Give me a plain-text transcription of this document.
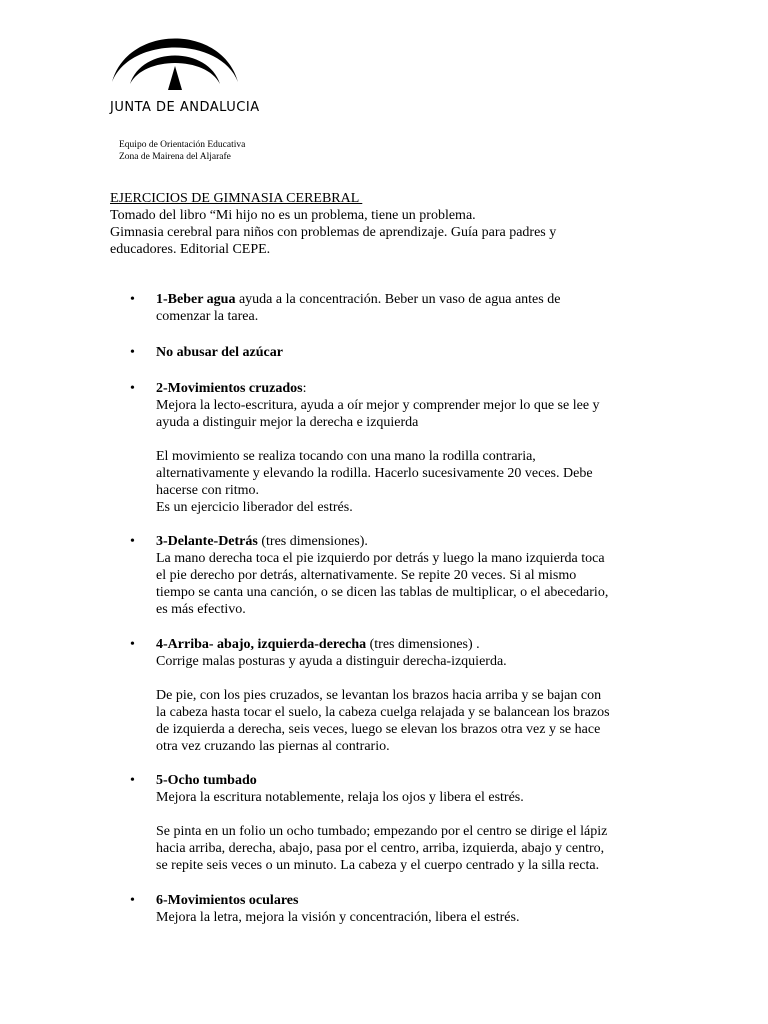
JUNTA DE ANDALUCIA
Equipo de Orientación Educativa
Zona de Mairena del Aljarafe
EJERCICIOS DE GIMNASIA CEREBRAL
Tomado del libro “Mi hijo no es un problema, tiene un problema.
Gimnasia cerebral para niños con problemas de aprendizaje. Guía para padres y
educadores. Editorial CEPE.
• 1-Beber agua ayuda a la concentración. Beber un vaso de agua antes de

comenzar la tarea.

• No abusar del azúcar

• 2-Movimientos cruzados:

Mejora la lecto-escritura, ayuda a oír mejor y comprender mejor lo que se lee y

ayuda a distinguir mejor la derecha e izquierda

El movimiento se realiza tocando con una mano la rodilla contraria,

alternativamente y elevando la rodilla. Hacerlo sucesivamente 20 veces. Debe

hacerse con ritmo.

Es un ejercicio liberador del estrés.

• 3-Delante-Detrás (tres dimensiones).

La mano derecha toca el pie izquierdo por detrás y luego la mano izquierda toca

el pie derecho por detrás, alternativamente. Se repite 20 veces. Si al mismo

tiempo se canta una canción, o se dicen las tablas de multiplicar, o el abecedario,

es más efectivo.

• 4-Arriba- abajo, izquierda-derecha (tres dimensiones) .

Corrige malas posturas y ayuda a distinguir derecha-izquierda.

De pie, con los pies cruzados, se levantan los brazos hacia arriba y se bajan con

la cabeza hasta tocar el suelo, la cabeza cuelga relajada y se balancean los brazos

de izquierda a derecha, seis veces, luego se elevan los brazos otra vez y se hace

otra vez cruzando las piernas al contrario.

• 5-Ocho tumbado

Mejora la escritura notablemente, relaja los ojos y libera el estrés.

Se pinta en un folio un ocho tumbado; empezando por el centro se dirige el lápiz

hacia arriba, derecha, abajo, pasa por el centro, arriba, izquierda, abajo y centro,

se repite seis veces o un minuto. La cabeza y el cuerpo centrado y la silla recta.

• 6-Movimientos oculares

Mejora la letra, mejora la visión y concentración, libera el estrés.
